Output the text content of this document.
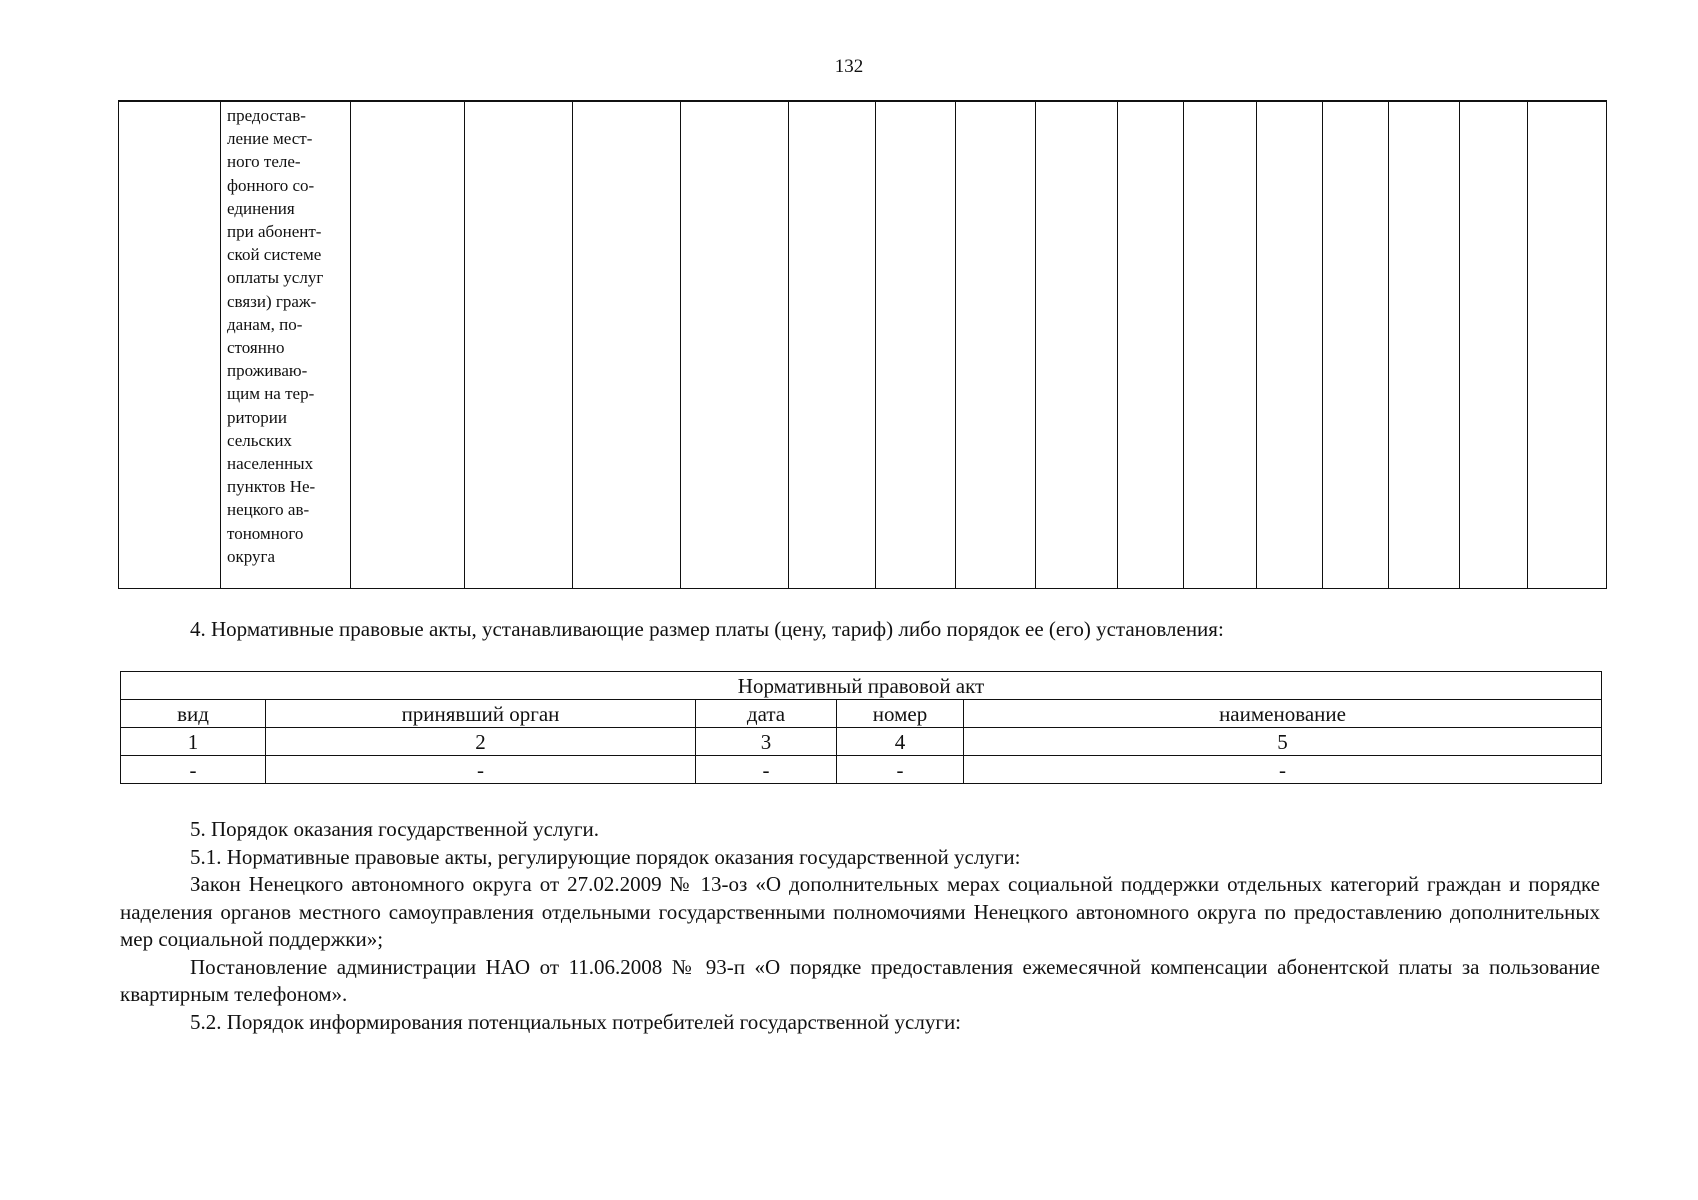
132

предостав-
ление мест-
ного теле-
фонного со-
единения
при абонент-
ской системе
оплаты услуг
связи) граж-
данам, по-
стоянно
проживаю-
щим на тер-
ритории
сельских
населенных
пунктов Не-
нецкого ав-
тономного
округа

4. Нормативные правовые акты, устанавливающие размер платы (цену, тариф) либо порядок ее (его) установления:
Нормативный правовой акт				
вид	принявший орган	дата	номер	наименование
1	2	3	4	5
-	-	-	-	-

5. Порядок оказания государственной услуги.

5.1. Нормативные правовые акты, регулирующие порядок оказания государственной услуги:

Закон Ненецкого автономного округа от 27.02.2009 № 13-оз «О дополнительных мерах социальной поддержки отдельных категорий граждан и порядке наделения органов местного самоуправления отдельными государственными полномочиями Ненецкого автономного округа по предоставлению дополнительных мер социальной поддержки»;

Постановление администрации НАО от 11.06.2008 № 93-п «О порядке предоставления ежемесячной компенсации абонентской платы за пользование квартирным телефоном».

5.2. Порядок информирования потенциальных потребителей государственной услуги:
